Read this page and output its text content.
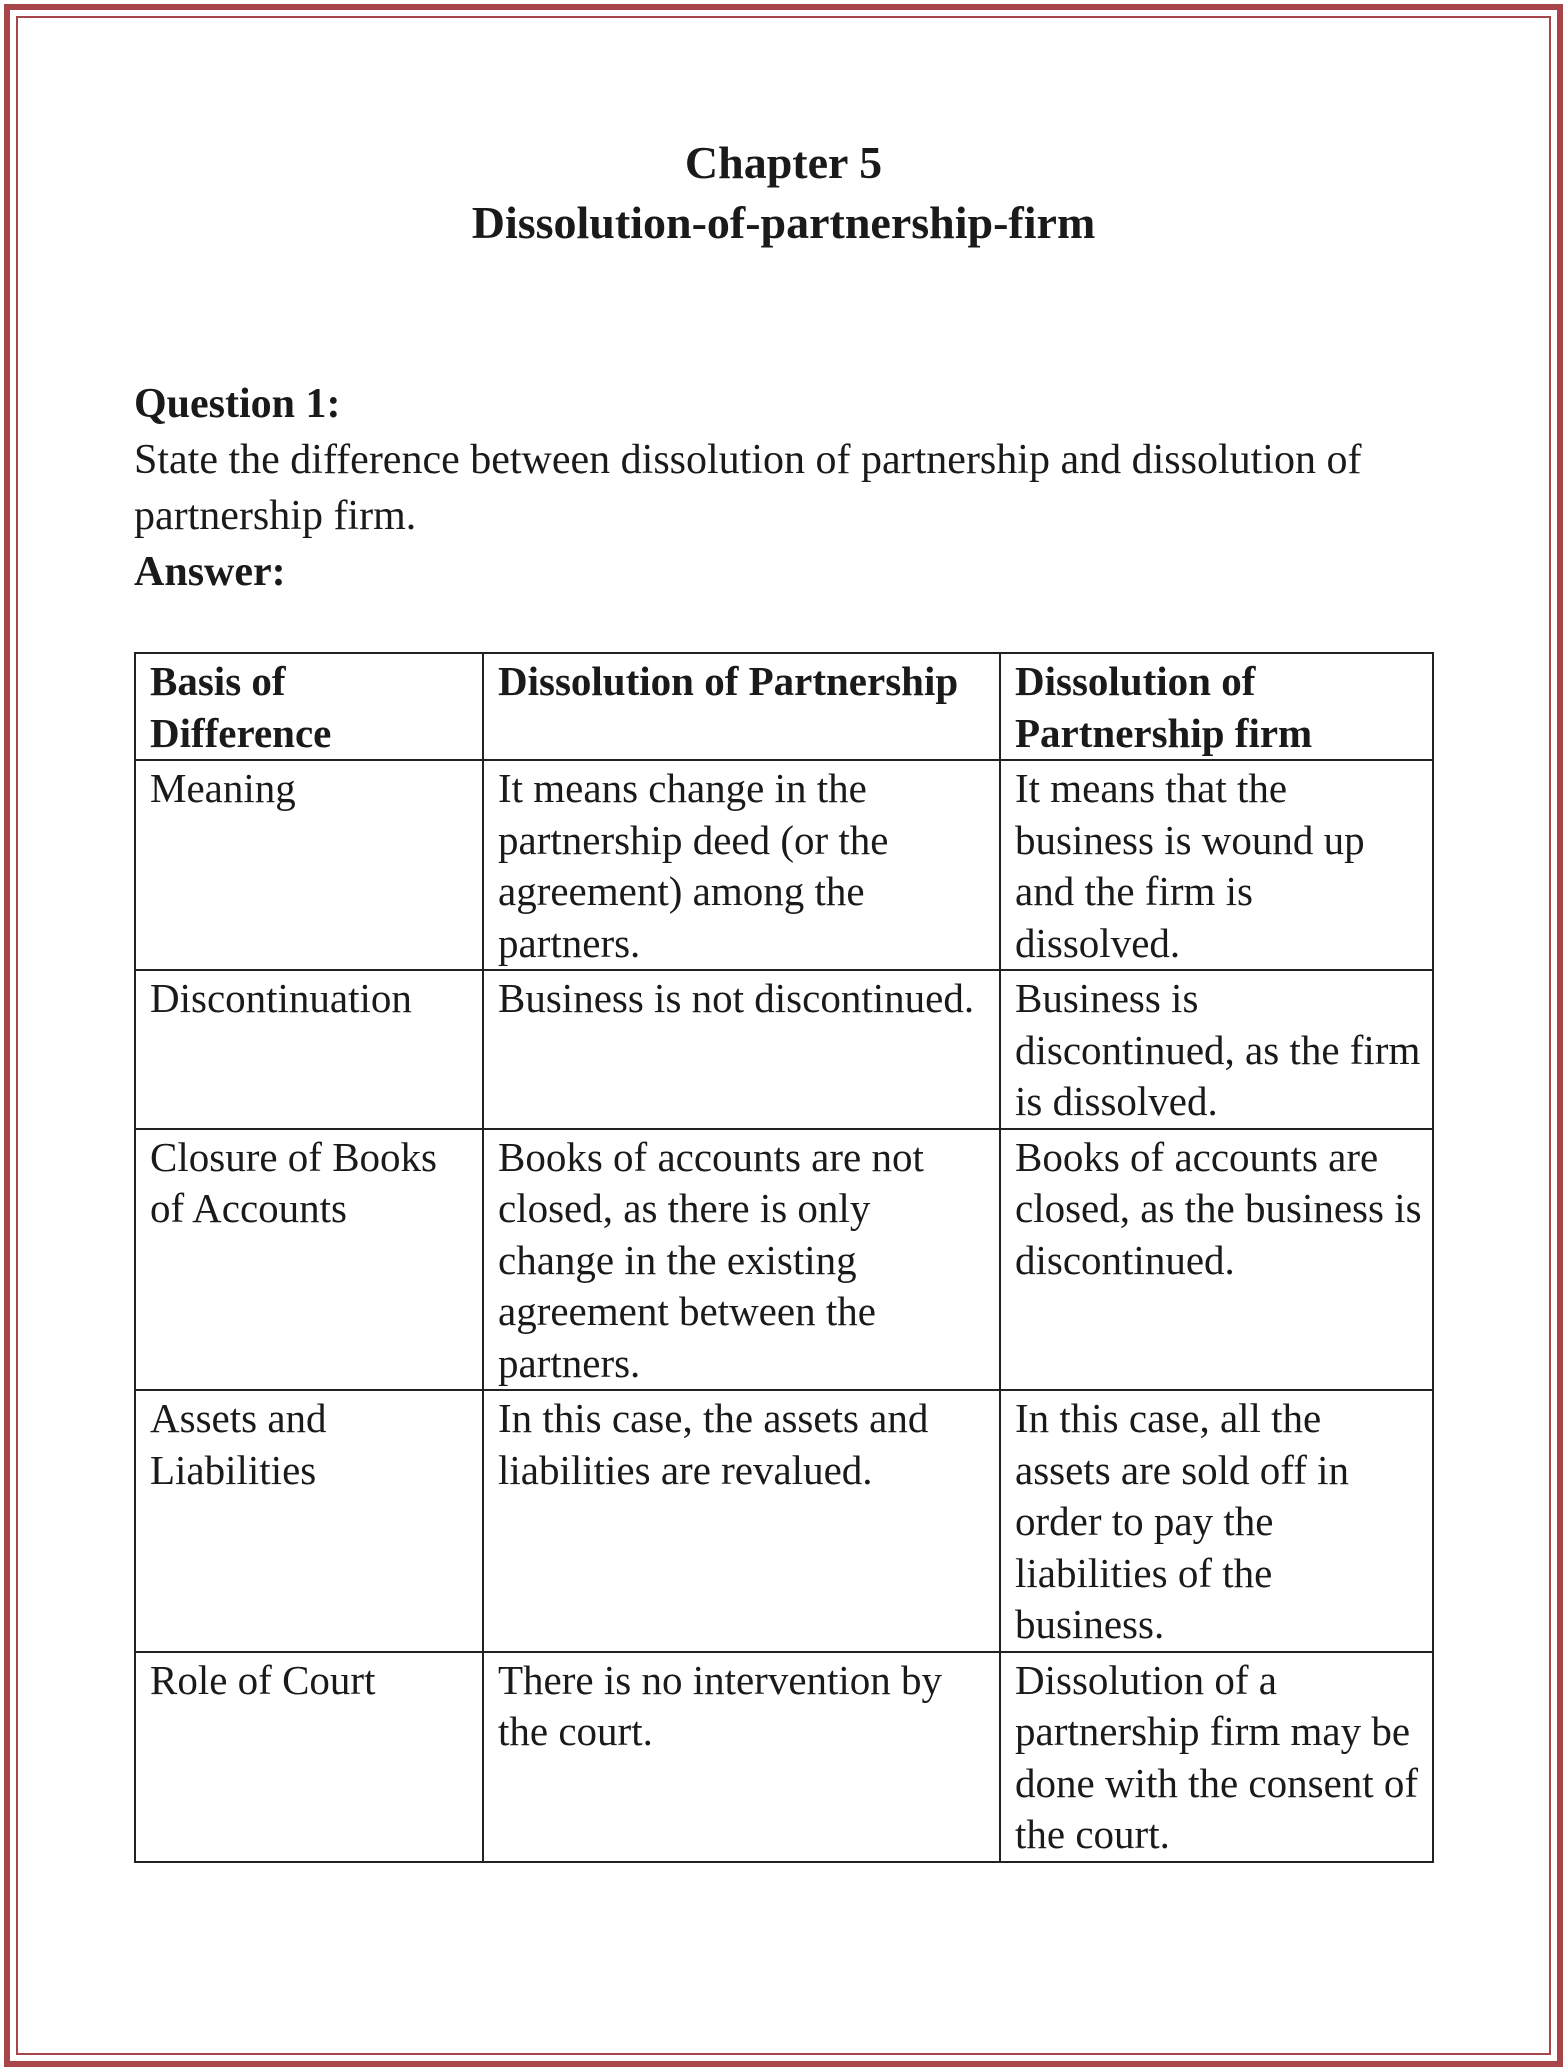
Chapter 5
Dissolution-of-partnership-firm
Question 1:
State the difference between dissolution of partnership and dissolution of partnership firm.
Answer:
Basis of Difference	Dissolution of Partnership	Dissolution of Partnership firm
Meaning	It means change in the partnership deed (or the agreement) among the partners.	It means that the business is wound up and the firm is dissolved.
Discontinuation	Business is not discontinued.	Business is discontinued, as the firm is dissolved.
Closure of Books of Accounts	Books of accounts are not closed, as there is only change in the existing agreement between the partners.	Books of accounts are closed, as the business is discontinued.
Assets and Liabilities	In this case, the assets and liabilities are revalued.	In this case, all the assets are sold off in order to pay the liabilities of the business.
Role of Court	There is no intervention by the court.	Dissolution of a partnership firm may be done with the consent of the court.
